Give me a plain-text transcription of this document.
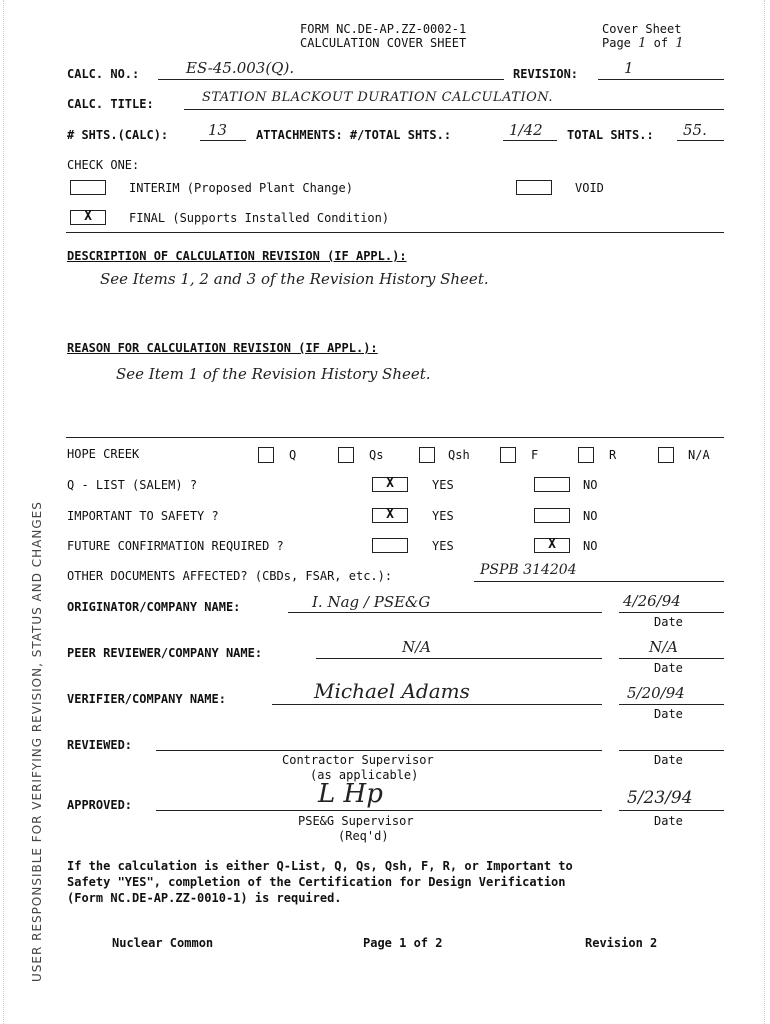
FORM NC.DE-AP.ZZ-0002-1
CALCULATION COVER SHEET
Cover Sheet
Page 1 of 1
CALC. NO.:	ES-45.003(Q).	REVISION:	1
CALC. TITLE:	STATION BLACKOUT DURATION CALCULATION.
# SHTS.(CALC):	13 ATTACHMENTS: #/TOTAL SHTS.:	1/42 TOTAL SHTS.: 55.
CHECK ONE:
INTERIM (Proposed Plant Change)	VOID
X	FINAL (Supports Installed Condition)
DESCRIPTION OF CALCULATION REVISION (IF APPL.):
See Items 1, 2 and 3 of the Revision History Sheet.
REASON FOR CALCULATION REVISION (IF APPL.):
See Item 1 of the Revision History Sheet.
HOPE CREEK	Q	Qs	Qsh	F	R	N/A
Q - LIST (SALEM) ?	X	YES	NO
IMPORTANT TO SAFETY ?	X	YES	NO
FUTURE CONFIRMATION REQUIRED ?	YES	X	NO
OTHER DOCUMENTS AFFECTED? (CBDs, FSAR, etc.):	PSPB 314204
ORIGINATOR/COMPANY NAME:	I. Nag / PSE&G	4/26/94
Date
PEER REVIEWER/COMPANY NAME:	N/A	N/A
Date
VERIFIER/COMPANY NAME:	Michael Adams	5/20/94
Date
REVIEWED:
Contractor Supervisor
(as applicable)
Date
APPROVED:	L Hp	5/23/94
PSE&G Supervisor
(Req'd)
Date
If the calculation is either Q-List, Q, Qs, Qsh, F, R, or Important to
Safety "YES", completion of the Certification for Design Verification
(Form NC.DE-AP.ZZ-0010-1) is required.
Nuclear Common	Page 1 of 2	Revision 2
USER RESPONSIBLE FOR VERIFYING REVISION, STATUS AND CHANGES
